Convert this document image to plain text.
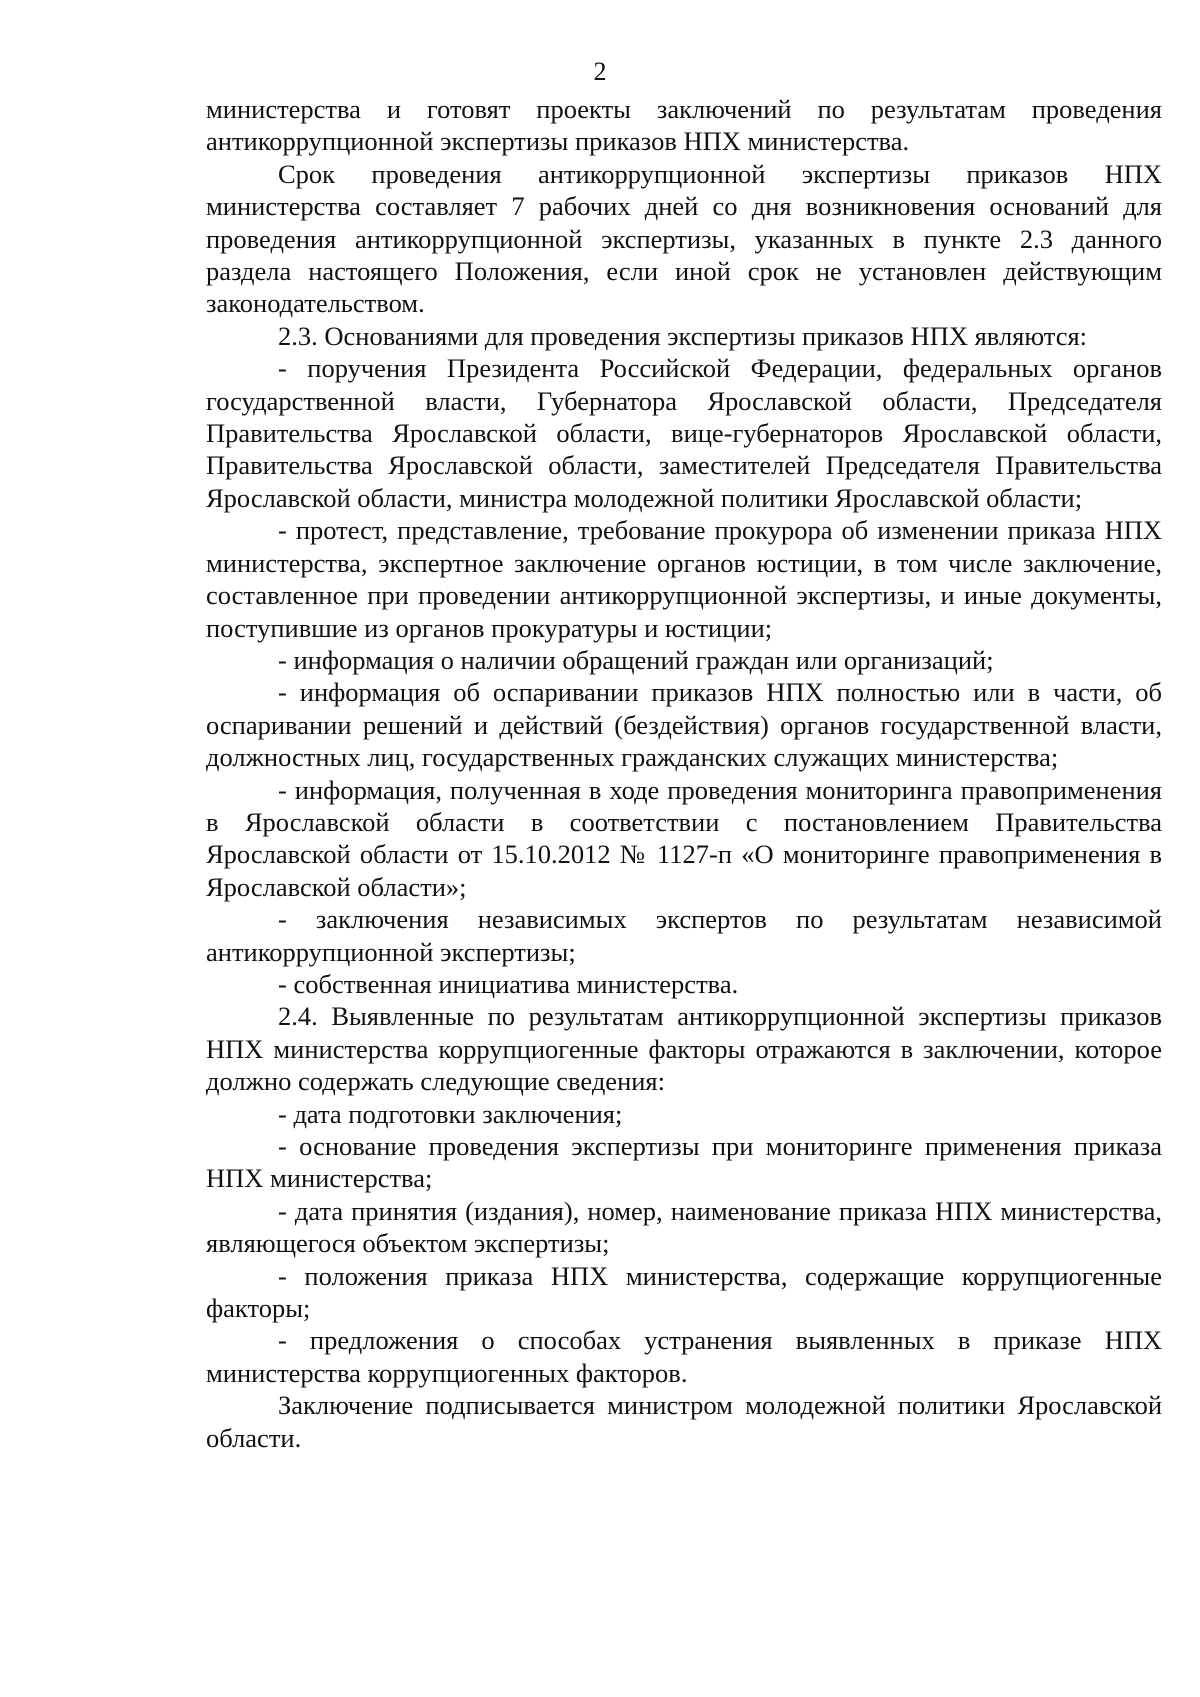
2

министерства и готовят проекты заключений по результатам проведения антикоррупционной экспертизы приказов НПХ министерства.

Срок проведения антикоррупционной экспертизы приказов НПХ министерства составляет 7 рабочих дней со дня возникновения оснований для проведения антикоррупционной экспертизы, указанных в пункте 2.3 данного раздела настоящего Положения, если иной срок не установлен действующим законодательством.

2.3. Основаниями для проведения экспертизы приказов НПХ являются:

- поручения Президента Российской Федерации, федеральных органов государственной власти, Губернатора Ярославской области, Председателя Правительства Ярославской области, вице-губернаторов Ярославской области, Правительства Ярославской области, заместителей Председателя Правительства Ярославской области, министра молодежной политики Ярославской области;

- протест, представление, требование прокурора об изменении приказа НПХ министерства, экспертное заключение органов юстиции, в том числе заключение, составленное при проведении антикоррупционной экспертизы, и иные документы, поступившие из органов прокуратуры и юстиции;

- информация о наличии обращений граждан или организаций;

- информация об оспаривании приказов НПХ полностью или в части, об оспаривании решений и действий (бездействия) органов государственной власти, должностных лиц, государственных гражданских служащих министерства;

- информация, полученная в ходе проведения мониторинга правоприменения в Ярославской области в соответствии с постановлением Правительства Ярославской области от 15.10.2012 № 1127-п «О мониторинге правоприменения в Ярославской области»;

- заключения независимых экспертов по результатам независимой антикоррупционной экспертизы;

- собственная инициатива министерства.

2.4. Выявленные по результатам антикоррупционной экспертизы приказов НПХ министерства коррупциогенные факторы отражаются в заключении, которое должно содержать следующие сведения:

- дата подготовки заключения;

- основание проведения экспертизы при мониторинге применения приказа НПХ министерства;

- дата принятия (издания), номер, наименование приказа НПХ министерства, являющегося объектом экспертизы;

- положения приказа НПХ министерства, содержащие коррупциогенные факторы;

- предложения о способах устранения выявленных в приказе НПХ министерства коррупциогенных факторов.

Заключение подписывается министром молодежной политики Ярославской области.
